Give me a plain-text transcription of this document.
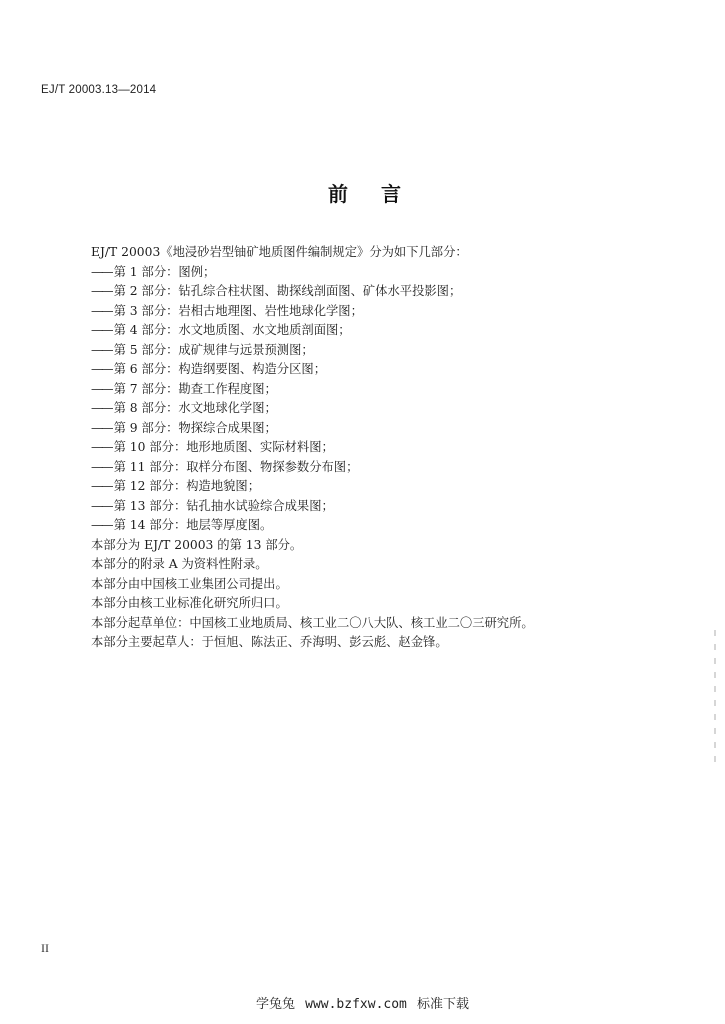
EJ/T 20003.13—2014
前 言
EJ/T 20003《地浸砂岩型铀矿地质图件编制规定》分为如下几部分：
—— 第 1 部分：图例；
—— 第 2 部分：钻孔综合柱状图、勘探线剖面图、矿体水平投影图；
—— 第 3 部分：岩相古地理图、岩性地球化学图；
—— 第 4 部分：水文地质图、水文地质剖面图；
—— 第 5 部分：成矿规律与远景预测图；
—— 第 6 部分：构造纲要图、构造分区图；
—— 第 7 部分：勘查工作程度图；
—— 第 8 部分：水文地球化学图；
—— 第 9 部分：物探综合成果图；
—— 第 10 部分：地形地质图、实际材料图；
—— 第 11 部分：取样分布图、物探参数分布图；
—— 第 12 部分：构造地貌图；
—— 第 13 部分：钻孔抽水试验综合成果图；
—— 第 14 部分：地层等厚度图。
本部分为 EJ/T 20003 的第 13 部分。
本部分的附录 A 为资料性附录。
本部分由中国核工业集团公司提出。
本部分由核工业标准化研究所归口。
本部分起草单位：中国核工业地质局、核工业二〇八大队、核工业二〇三研究所。
本部分主要起草人：于恒旭、陈法正、乔海明、彭云彪、赵金锋。
II
学兔兔 www.bzfxw.com 标准下载
